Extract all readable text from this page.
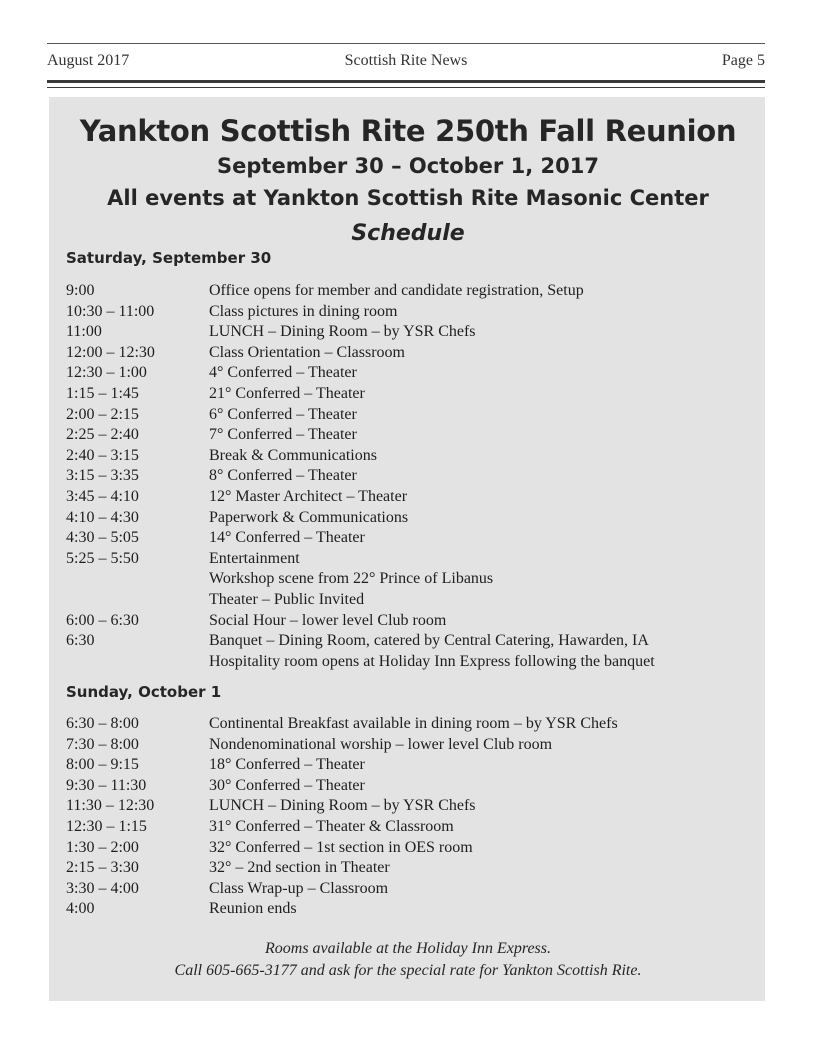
August 2017	Scottish Rite News	Page 5
Yankton Scottish Rite 250th Fall Reunion
September 30 – October 1, 2017
All events at Yankton Scottish Rite Masonic Center
Schedule
Saturday, September 30
9:00	Office opens for member and candidate registration, Setup
10:30 – 11:00	Class pictures in dining room
11:00	LUNCH – Dining Room – by YSR Chefs
12:00 – 12:30	Class Orientation – Classroom
12:30 – 1:00	4° Conferred – Theater
1:15 – 1:45	21° Conferred – Theater
2:00 – 2:15	6° Conferred – Theater
2:25 – 2:40	7° Conferred – Theater
2:40 – 3:15	Break & Communications
3:15 – 3:35	8° Conferred – Theater
3:45 – 4:10	12° Master Architect – Theater
4:10 – 4:30	Paperwork & Communications
4:30 – 5:05	14° Conferred – Theater
5:25 – 5:50	Entertainment
Workshop scene from 22° Prince of Libanus
Theater – Public Invited
6:00 – 6:30	Social Hour – lower level Club room
6:30	Banquet – Dining Room, catered by Central Catering, Hawarden, IA
Hospitality room opens at Holiday Inn Express following the banquet
Sunday, October 1
6:30 – 8:00	Continental Breakfast available in dining room – by YSR Chefs
7:30 – 8:00	Nondenominational worship – lower level Club room
8:00 – 9:15	18° Conferred – Theater
9:30 – 11:30	30° Conferred – Theater
11:30 – 12:30	LUNCH – Dining Room – by YSR Chefs
12:30 – 1:15	31° Conferred – Theater & Classroom
1:30 – 2:00	32° Conferred – 1st section in OES room
2:15 – 3:30	32° – 2nd section in Theater
3:30 – 4:00	Class Wrap-up – Classroom
4:00	Reunion ends
Rooms available at the Holiday Inn Express.
Call 605-665-3177 and ask for the special rate for Yankton Scottish Rite.
